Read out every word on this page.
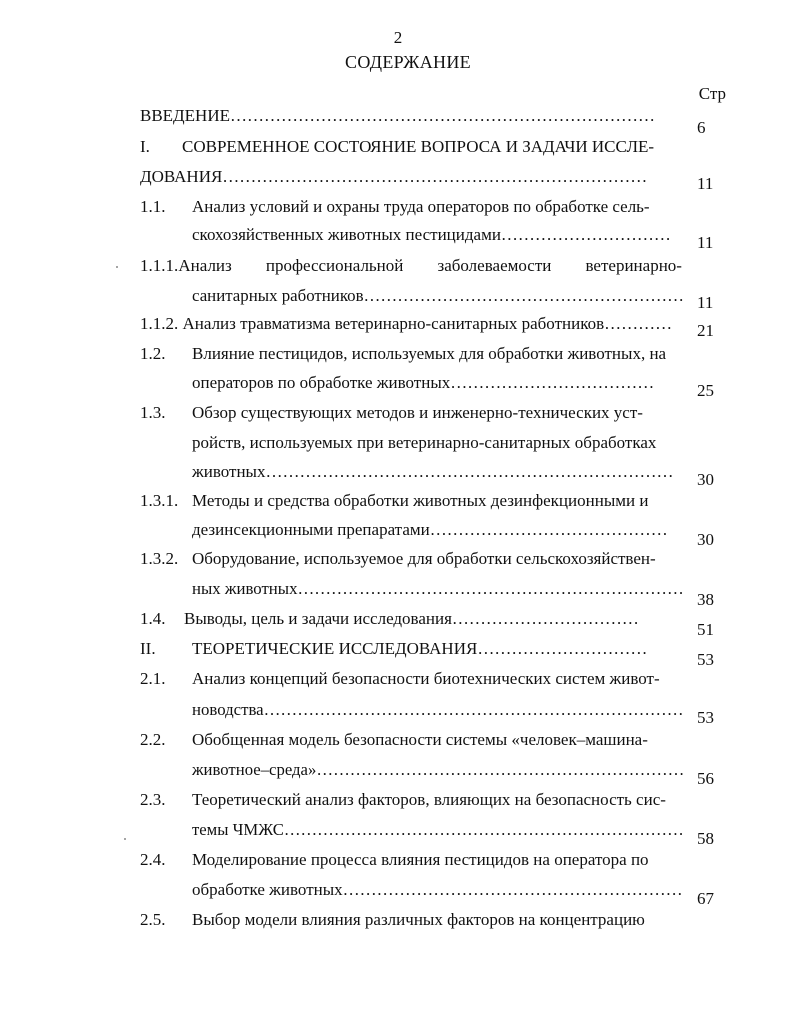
2
СОДЕРЖАНИЕ
Стр
ВВЕДЕНИЕ…………………………………………………………………
6
I. СОВРЕМЕННОЕ СОСТОЯНИЕ ВОПРОСА И ЗАДАЧИ ИССЛЕ-
ДОВАНИЯ…………………………………………………………………	11
1.1. Анализ условий и охраны труда операторов по обработке сель-
скохозяйственных животных пестицидами………………………… 11
1.1.1. Анализ профессиональной заболеваемости ветеринарно-
санитарных работников………………………………………………… 11
1.1.2. Анализ травматизма ветеринарно-санитарных работников………… 21
1.2. Влияние пестицидов, используемых для обработки животных, на
операторов по обработке животных………………………………	25
1.3. Обзор существующих методов и инженерно-технических уст-
ройств, используемых при ветеринарно-санитарных обработках
животных……………………………………………………………… 30
1.3.1. Методы и средства обработки животных дезинфекционными и
дезинсекционными препаратами……………………………………
30
1.3.2. Оборудование, используемое для обработки сельскохозяйствен-
ных животных……………………………………………………………
38
1.4. Выводы, цель и задачи исследования……………………………
51
II. ТЕОРЕТИЧЕСКИЕ ИССЛЕДОВАНИЯ…………………………
53
2.1. Анализ концепций безопасности биотехнических систем живот-
новодства………………………………………………………………… 53
2.2. Обобщенная модель безопасности системы «человек–машина-
животное–среда»………………………………………………………… 56
2.3. Теоретический анализ факторов, влияющих на безопасность сис-
темы ЧМЖС……………………………………………………………… 58
2.4. Моделирование процесса влияния пестицидов на оператора по
обработке животных…………………………………………………… 67
2.5. Выбор модели влияния различных факторов на концентрацию
